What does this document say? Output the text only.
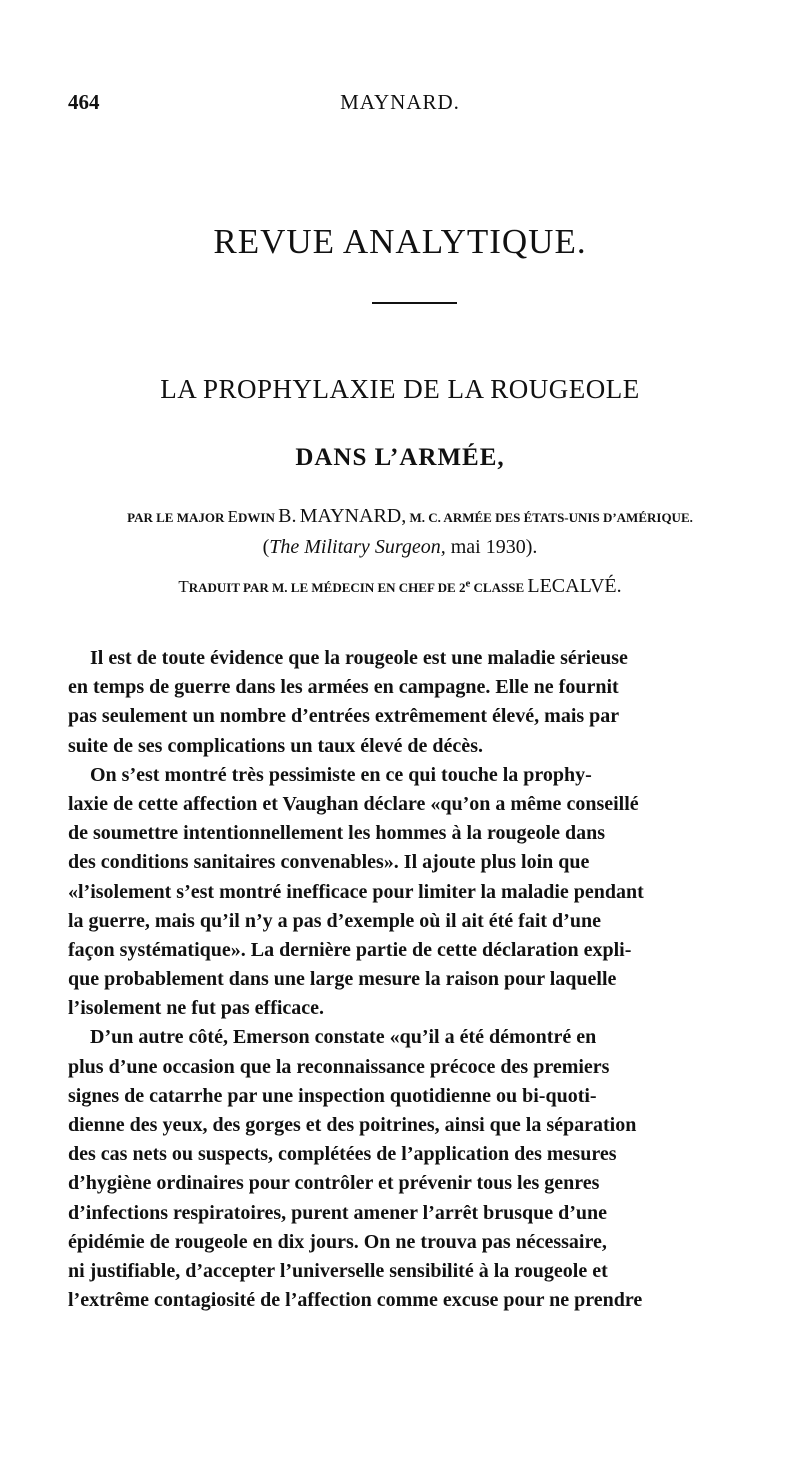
464	MAYNARD.
REVUE ANALYTIQUE.
LA PROPHYLAXIE DE LA ROUGEOLE
DANS L’ARMÉE,
PAR LE MAJOR EDWIN B. MAYNARD, M. C. ARMÉE DES ÉTATS-UNIS D’AMÉRIQUE.
(The Military Surgeon, mai 1930).
TRADUIT PAR M. LE MÉDECIN EN CHEF DE 2e CLASSE LECALVÉ.
Il est de toute évidence que la rougeole est une maladie sérieuse
en temps de guerre dans les armées en campagne. Elle ne fournit
pas seulement un nombre d’entrées extrêmement élevé, mais par
suite de ses complications un taux élevé de décès.
On s’est montré très pessimiste en ce qui touche la prophy-
laxie de cette affection et Vaughan déclare «qu’on a même conseillé
de soumettre intentionnellement les hommes à la rougeole dans
des conditions sanitaires convenables». Il ajoute plus loin que
«l’isolement s’est montré inefficace pour limiter la maladie pendant
la guerre, mais qu’il n’y a pas d’exemple où il ait été fait d’une
façon systématique». La dernière partie de cette déclaration expli-
que probablement dans une large mesure la raison pour laquelle
l’isolement ne fut pas efficace.
D’un autre côté, Emerson constate «qu’il a été démontré en
plus d’une occasion que la reconnaissance précoce des premiers
signes de catarrhe par une inspection quotidienne ou bi-quoti-
dienne des yeux, des gorges et des poitrines, ainsi que la séparation
des cas nets ou suspects, complétées de l’application des mesures
d’hygiène ordinaires pour contrôler et prévenir tous les genres
d’infections respiratoires, purent amener l’arrêt brusque d’une
épidémie de rougeole en dix jours. On ne trouva pas nécessaire,
ni justifiable, d’accepter l’universelle sensibilité à la rougeole et
l’extrême contagiosité de l’affection comme excuse pour ne prendre
